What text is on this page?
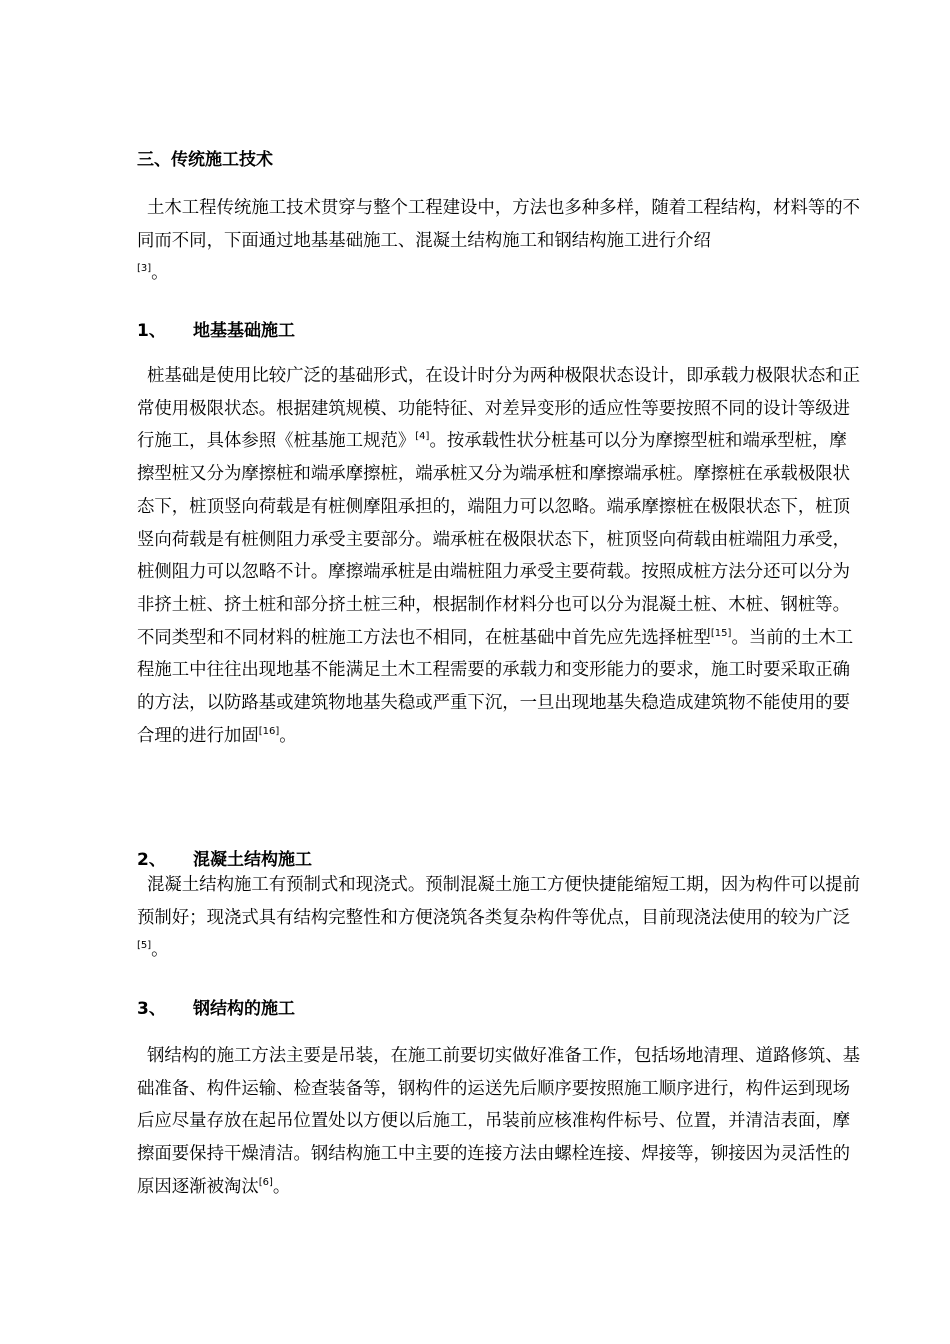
三、传统施工技术

土木工程传统施工技术贯穿与整个工程建设中，方法也多种多样，随着工程结构，材料等的不同而不同，下面通过地基基础施工、混凝土结构施工和钢结构施工进行介绍
[3]。

1、 地基基础施工

桩基础是使用比较广泛的基础形式，在设计时分为两种极限状态设计，即承载力极限状态和正常使用极限状态。根据建筑规模、功能特征、对差异变形的适应性等要按照不同的设计等级进行施工，具体参照《桩基施工规范》[4]。按承载性状分桩基可以分为摩擦型桩和端承型桩，摩擦型桩又分为摩擦桩和端承摩擦桩，端承桩又分为端承桩和摩擦端承桩。摩擦桩在承载极限状态下，桩顶竖向荷载是有桩侧摩阻承担的，端阻力可以忽略。端承摩擦桩在极限状态下，桩顶竖向荷载是有桩侧阻力承受主要部分。端承桩在极限状态下，桩顶竖向荷载由桩端阻力承受，桩侧阻力可以忽略不计。摩擦端承桩是由端桩阻力承受主要荷载。按照成桩方法分还可以分为非挤土桩、挤土桩和部分挤土桩三种，根据制作材料分也可以分为混凝土桩、木桩、钢桩等。不同类型和不同材料的桩施工方法也不相同，在桩基础中首先应先选择桩型[15]。当前的土木工程施工中往往出现地基不能满足土木工程需要的承载力和变形能力的要求，施工时要采取正确的方法，以防路基或建筑物地基失稳或严重下沉，一旦出现地基失稳造成建筑物不能使用的要合理的进行加固[16]。

2、 混凝土结构施工

混凝土结构施工有预制式和现浇式。预制混凝土施工方便快捷能缩短工期，因为构件可以提前预制好；现浇式具有结构完整性和方便浇筑各类复杂构件等优点，目前现浇法使用的较为广泛[5]。

3、 钢结构的施工

钢结构的施工方法主要是吊装，在施工前要切实做好准备工作，包括场地清理、道路修筑、基础准备、构件运输、检查装备等，钢构件的运送先后顺序要按照施工顺序进行，构件运到现场后应尽量存放在起吊位置处以方便以后施工，吊装前应核准构件标号、位置，并清洁表面，摩擦面要保持干燥清洁。钢结构施工中主要的连接方法由螺栓连接、焊接等，铆接因为灵活性的原因逐渐被淘汰[6]。
